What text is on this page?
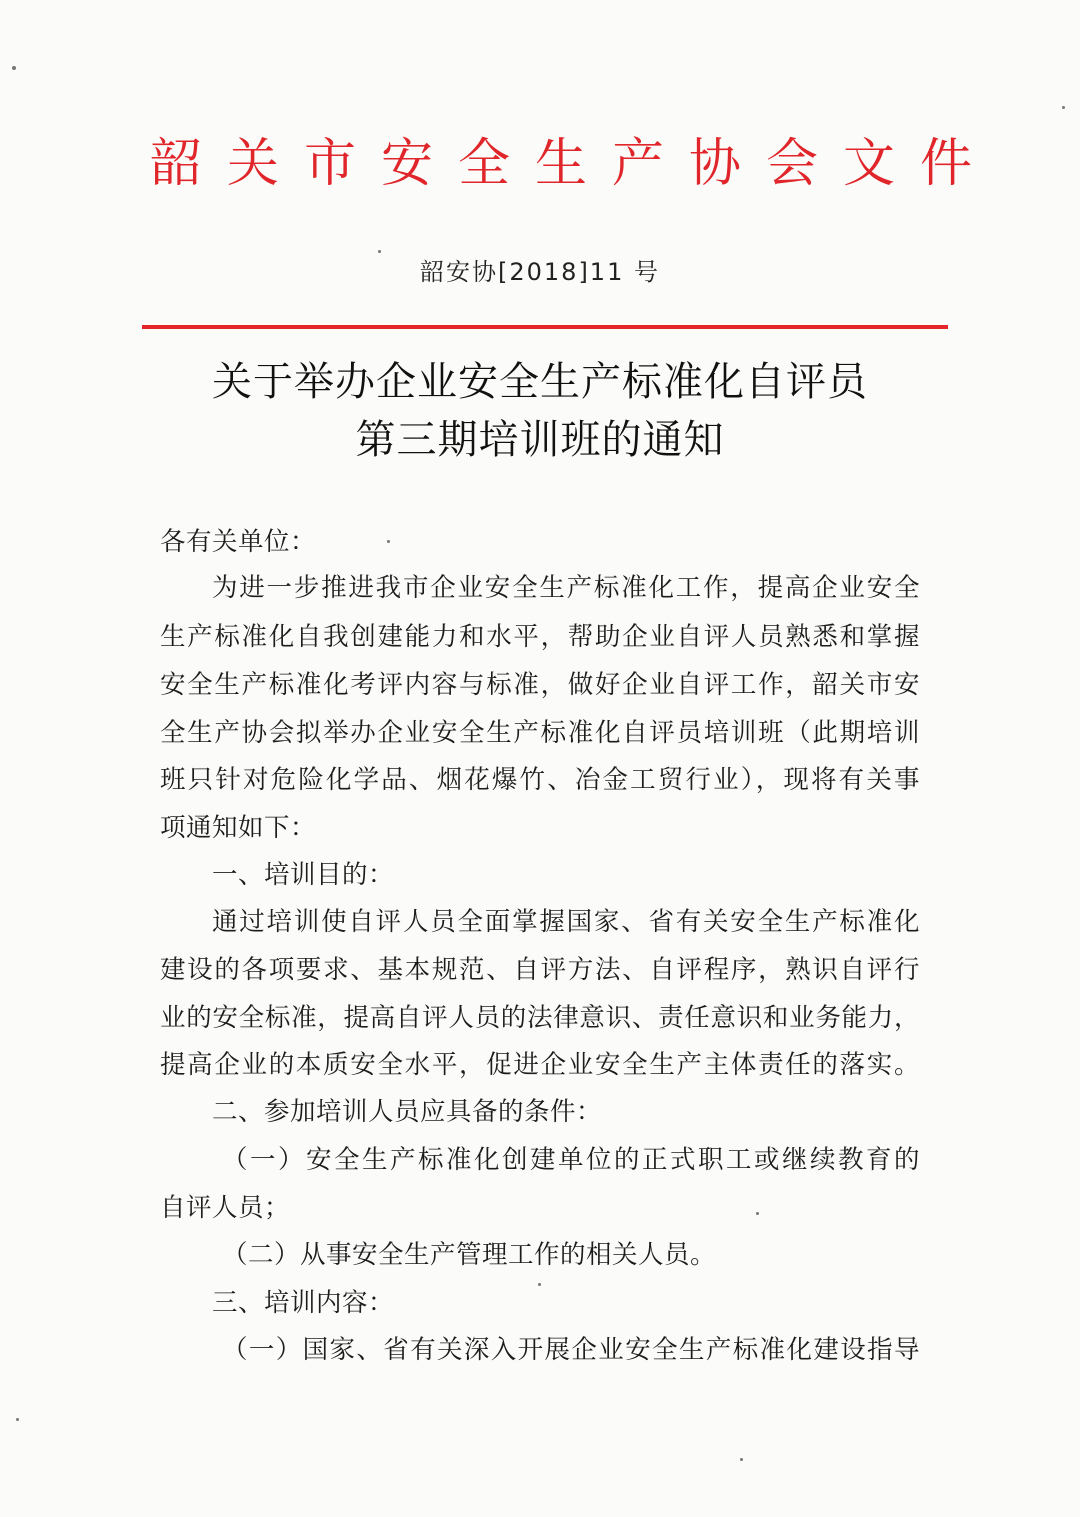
韶关市安全生产协会文件
韶安协[2018]11 号
关于举办企业安全生产标准化自评员
第三期培训班的通知
各有关单位：
为进一步推进我市企业安全生产标准化工作，提高企业安全
生产标准化自我创建能力和水平，帮助企业自评人员熟悉和掌握
安全生产标准化考评内容与标准，做好企业自评工作，韶关市安
全生产协会拟举办企业安全生产标准化自评员培训班（此期培训
班只针对危险化学品、烟花爆竹、冶金工贸行业），现将有关事
项通知如下：
一、培训目的：
通过培训使自评人员全面掌握国家、省有关安全生产标准化
建设的各项要求、基本规范、自评方法、自评程序，熟识自评行
业的安全标准，提高自评人员的法律意识、责任意识和业务能力，
提高企业的本质安全水平，促进企业安全生产主体责任的落实。
二、参加培训人员应具备的条件：
（一）安全生产标准化创建单位的正式职工或继续教育的
自评人员；
（二）从事安全生产管理工作的相关人员。
三、培训内容：
（一）国家、省有关深入开展企业安全生产标准化建设指导
